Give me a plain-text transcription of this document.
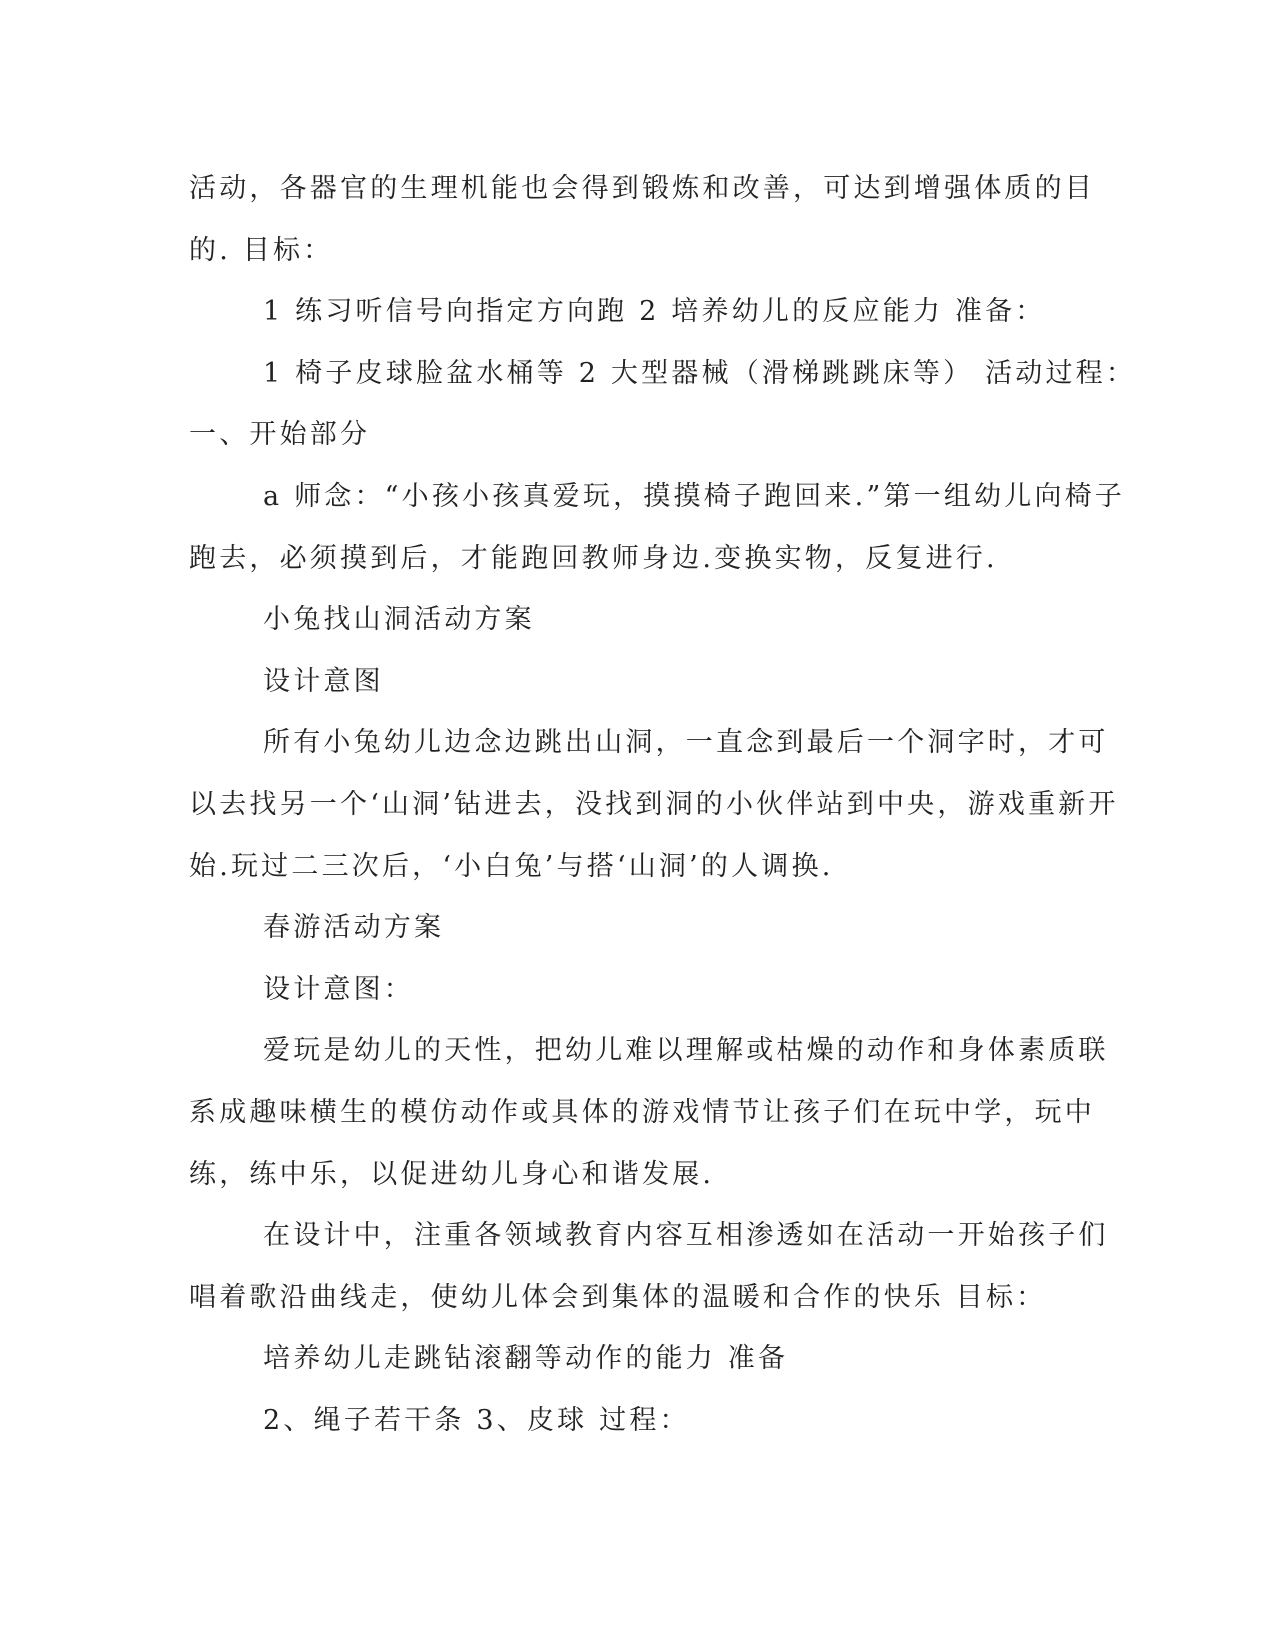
活动，各器官的生理机能也会得到锻炼和改善，可达到增强体质的目
的. 目标：
1 练习听信号向指定方向跑 2 培养幼儿的反应能力 准备：
1 椅子皮球脸盆水桶等 2 大型器械（滑梯跳跳床等） 活动过程：
一、开始部分
a 师念：“小孩小孩真爱玩，摸摸椅子跑回来.”第一组幼儿向椅子
跑去，必须摸到后，才能跑回教师身边.变换实物，反复进行.
小兔找山洞活动方案
设计意图
所有小兔幼儿边念边跳出山洞，一直念到最后一个洞字时，才可
以去找另一个‘山洞’钻进去，没找到洞的小伙伴站到中央，游戏重新开
始.玩过二三次后，‘小白兔’与搭‘山洞’的人调换.
春游活动方案
设计意图：
爱玩是幼儿的天性，把幼儿难以理解或枯燥的动作和身体素质联
系成趣味横生的模仿动作或具体的游戏情节让孩子们在玩中学，玩中
练，练中乐，以促进幼儿身心和谐发展.
在设计中，注重各领域教育内容互相渗透如在活动一开始孩子们
唱着歌沿曲线走，使幼儿体会到集体的温暖和合作的快乐 目标：
培养幼儿走跳钻滚翻等动作的能力 准备
2、绳子若干条 3、皮球 过程：
